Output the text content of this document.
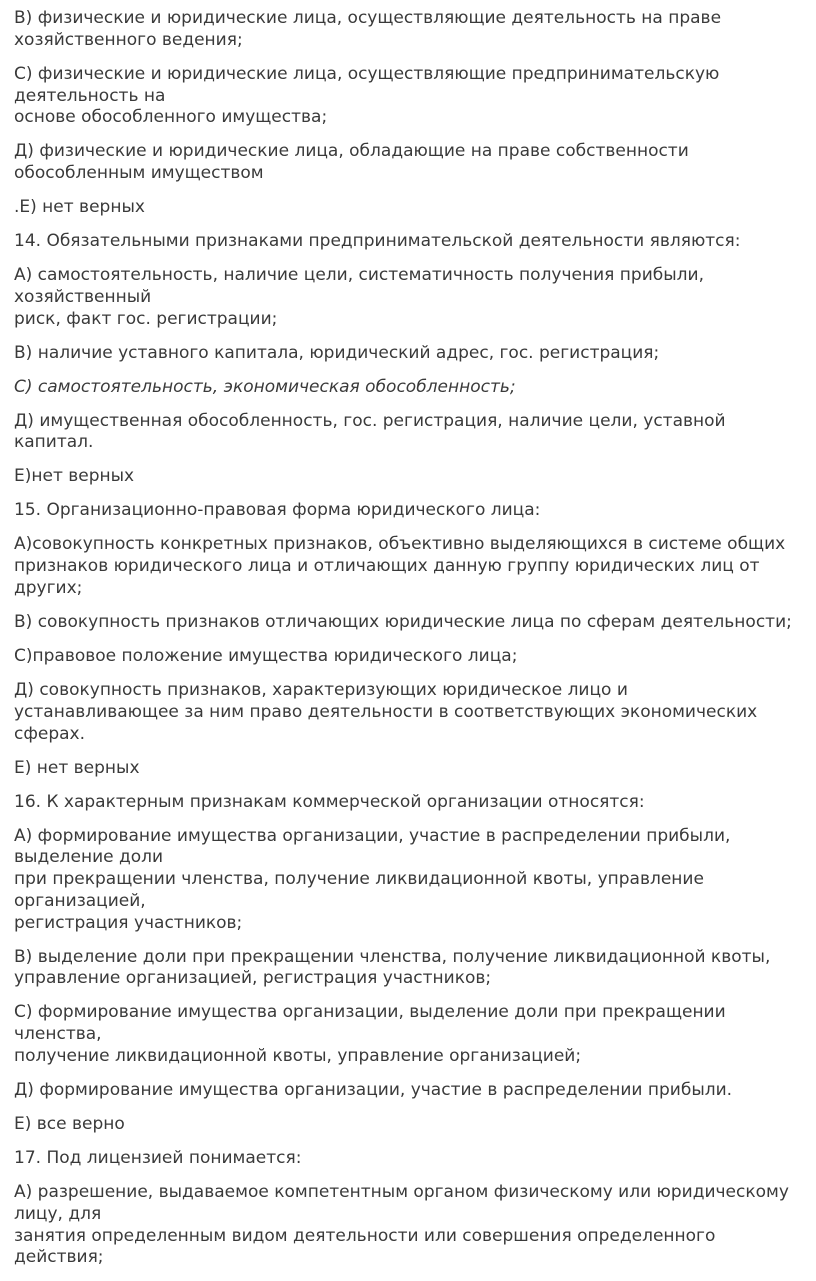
В) физические и юридические лица, осуществляющие деятельность на праве
хозяйственного ведения;

С) физические и юридические лица, осуществляющие предпринимательскую
деятельность на
основе обособленного имущества;

Д) физические и юридические лица, обладающие на праве собственности
обособленным имуществом

.Е) нет верных

14. Обязательными признаками предпринимательской деятельности являются:

А) самостоятельность, наличие цели, систематичность получения прибыли,
хозяйственный
риск, факт гос. регистрации;

В) наличие уставного капитала, юридический адрес, гос. регистрация;

С) самостоятельность, экономическая обособленность;

Д) имущественная обособленность, гос. регистрация, наличие цели, уставной
капитал.

Е)нет верных

15. Организационно-правовая форма юридического лица:

А)совокупность конкретных признаков, объективно выделяющихся в системе общих
признаков юридического лица и отличающих данную группу юридических лиц от
других;

В) совокупность признаков отличающих юридические лица по сферам деятельности;

С)правовое положение имущества юридического лица;

Д) совокупность признаков, характеризующих юридическое лицо и
устанавливающее за ним право деятельности в соответствующих экономических
сферах.

Е) нет верных

16. К характерным признакам коммерческой организации относятся:

А) формирование имущества организации, участие в распределении прибыли,
выделение доли
при прекращении членства, получение ликвидационной квоты, управление
организацией,
регистрация участников;

В) выделение доли при прекращении членства, получение ликвидационной квоты,
управление организацией, регистрация участников;

С) формирование имущества организации, выделение доли при прекращении
членства,
получение ликвидационной квоты, управление организацией;

Д) формирование имущества организации, участие в распределении прибыли.

Е) все верно

17. Под лицензией понимается:

А) разрешение, выдаваемое компетентным органом физическому или юридическому
лицу, для
занятия определенным видом деятельности или совершения определенного
действия;
